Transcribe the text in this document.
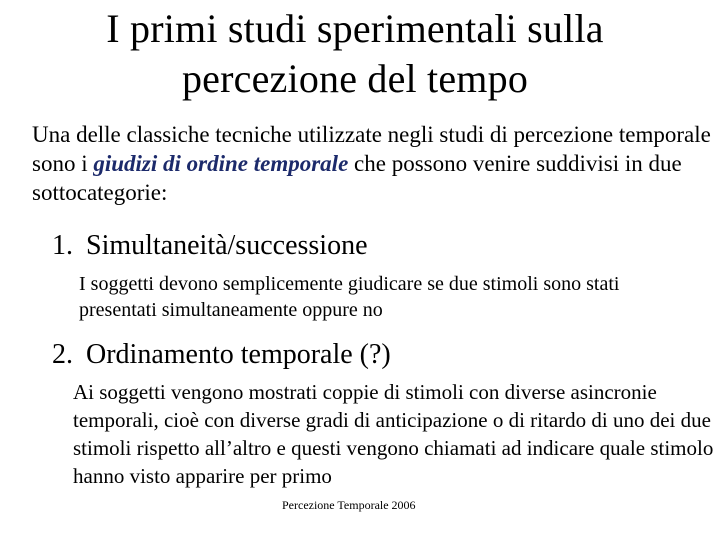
I primi studi sperimentali sulla
percezione del tempo
Una delle classiche tecniche utilizzate negli studi di percezione temporale sono i giudizi di ordine temporale che possono venire suddivisi in due sottocategorie:
1. Simultaneità/successione
I soggetti devono semplicemente giudicare se due stimoli sono stati presentati simultaneamente oppure no
2. Ordinamento temporale (?)
Ai soggetti vengono mostrati coppie di stimoli con diverse asincronie temporali, cioè con diverse gradi di anticipazione o di ritardo di uno dei due stimoli rispetto all’altro e questi vengono chiamati ad indicare quale stimolo hanno visto apparire per primo
Percezione Temporale 2006
